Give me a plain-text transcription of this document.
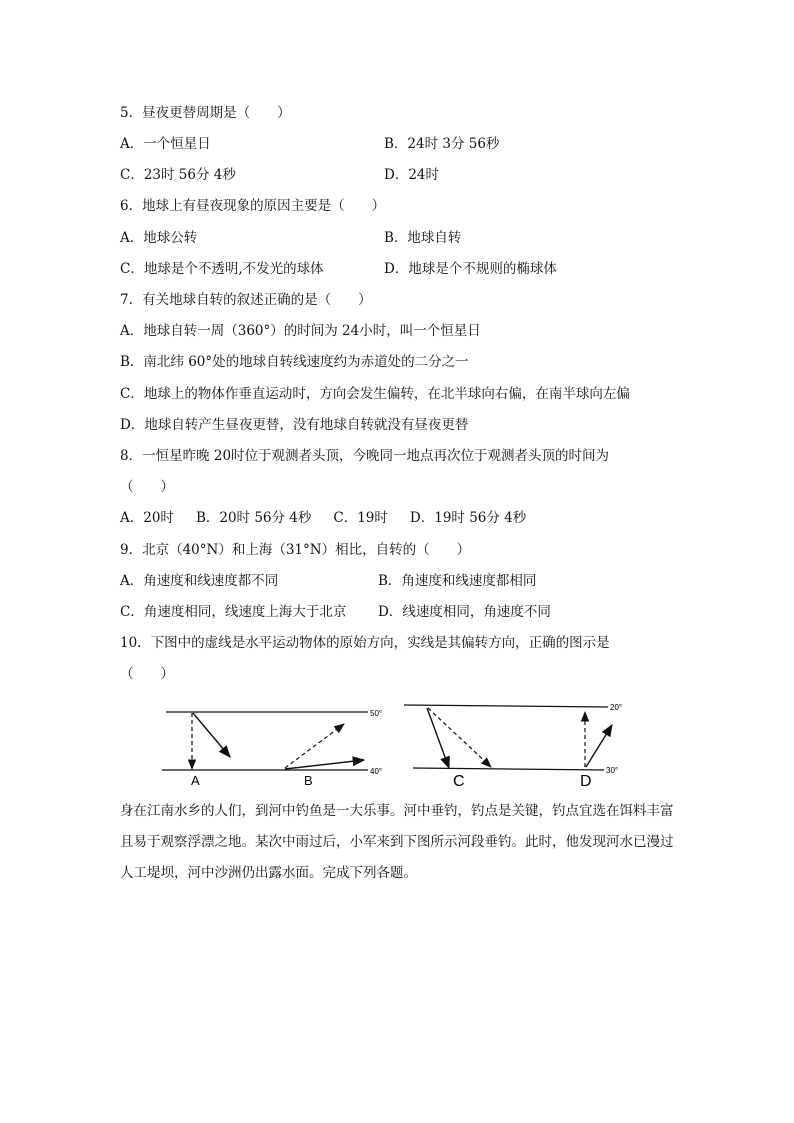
5．昼夜更替周期是（　　）
A．一个恒星日	B．24时 3分 56秒
C．23时 56分 4秒	D．24时
6．地球上有昼夜现象的原因主要是（　　）
A．地球公转	B．地球自转
C．地球是个不透明,不发光的球体	D．地球是个不规则的椭球体
7．有关地球自转的叙述正确的是（　　）
A．地球自转一周（360°）的时间为 24小时，叫一个恒星日
B．南北纬 60°处的地球自转线速度约为赤道处的二分之一
C．地球上的物体作垂直运动时，方向会发生偏转，在北半球向右偏，在南半球向左偏
D．地球自转产生昼夜更替，没有地球自转就没有昼夜更替
8．一恒星昨晚 20时位于观测者头顶，今晚同一地点再次位于观测者头顶的时间为
（　　）
A．20时 B．20时 56分 4秒 C．19时 D．19时 56分 4秒
9．北京（40°N）和上海（31°N）相比，自转的（　　）
A．角速度和线速度都不同	B．角速度和线速度都相同
C．角速度相同，线速度上海大于北京 D．线速度相同，角速度不同
10．下图中的虚线是水平运动物体的原始方向，实线是其偏转方向，正确的图示是
（　　）
50°
40°
A	B
20°
30°
C	D
身在江南水乡的人们，到河中钓鱼是一大乐事。河中垂钓，钓点是关键，钓点宜选在饵料丰富且易于观察浮漂之地。某次中雨过后，小军来到下图所示河段垂钓。此时，他发现河水已漫过人工堤坝，河中沙洲仍出露水面。完成下列各题。
